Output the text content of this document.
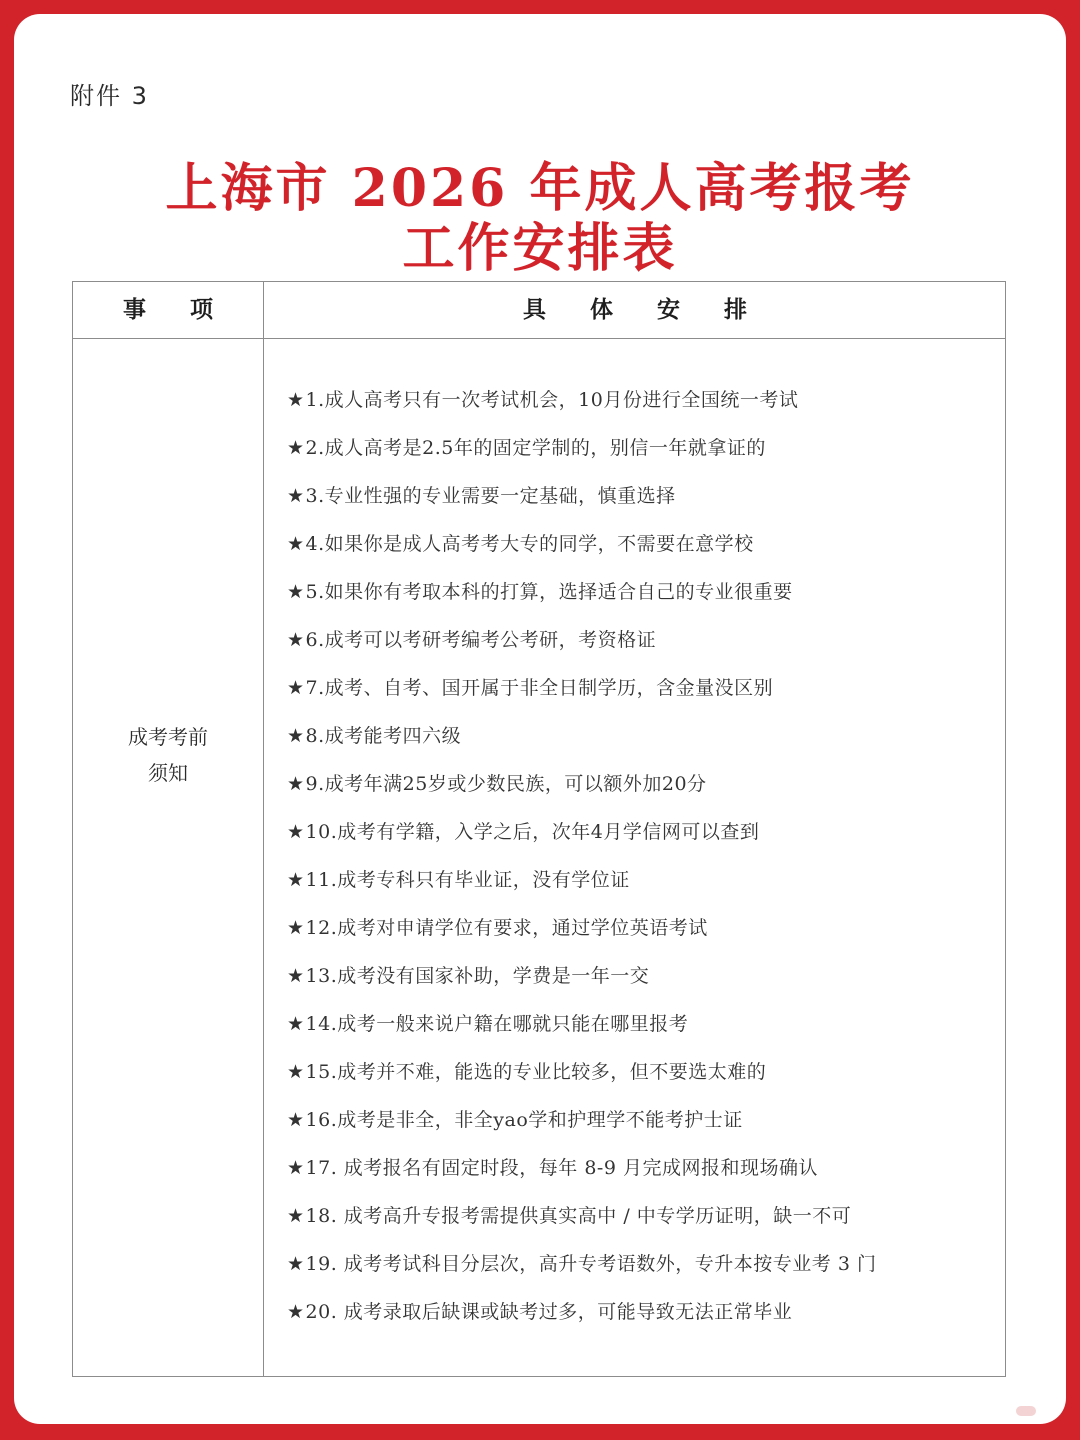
附件 3
上海市 2026 年成人高考报考
工作安排表
事 项	具 体 安 排
成考考前
须知
★1.成人高考只有一次考试机会，10月份进行全国统一考试
★2.成人高考是2.5年的固定学制的，别信一年就拿证的
★3.专业性强的专业需要一定基础，慎重选择
★4.如果你是成人高考考大专的同学，不需要在意学校
★5.如果你有考取本科的打算，选择适合自己的专业很重要
★6.成考可以考研考编考公考研，考资格证
★7.成考、自考、国开属于非全日制学历，含金量没区别
★8.成考能考四六级
★9.成考年满25岁或少数民族，可以额外加20分
★10.成考有学籍，入学之后，次年4月学信网可以查到
★11.成考专科只有毕业证，没有学位证
★12.成考对申请学位有要求，通过学位英语考试
★13.成考没有国家补助，学费是一年一交
★14.成考一般来说户籍在哪就只能在哪里报考
★15.成考并不难，能选的专业比较多，但不要选太难的
★16.成考是非全，非全yao学和护理学不能考护士证
★17. 成考报名有固定时段，每年 8-9 月完成网报和现场确认
★18. 成考高升专报考需提供真实高中 / 中专学历证明，缺一不可
★19. 成考考试科目分层次，高升专考语数外，专升本按专业考 3 门
★20. 成考录取后缺课或缺考过多，可能导致无法正常毕业
